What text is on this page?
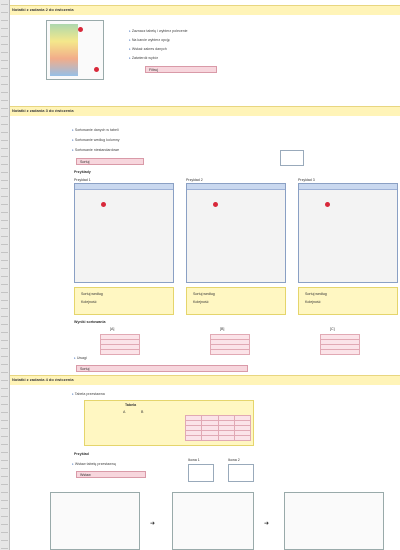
Notatki z zadania 2 do ćwiczenia
▸ Zaznacz tabelę i wybierz polecenie
▸ Na karcie wybierz opcję
▸ Wskaż zakres danych
▸ Zatwierdź wybór
Filtruj
Notatki z zadania 3 do ćwiczenia
▸ Sortowanie danych w tabeli
▸ Sortowanie według kolumny
▸ Sortowanie niestandardowe
Sortuj
Przykłady
Przykład 1	Przykład 2	Przykład 3
Sortuj według
Kolejność
Sortuj według
Kolejność
Sortuj według
Kolejność
Wyniki sortowania
[A]	[B]	[C]

▸ Uwagi
Sortuj
Notatki z zadania 4 do ćwiczenia
▸ Tabela przestawna
Tabela
A	B

Przykład
▸ Wstaw tabelę przestawną
Wstaw
Ikona 1	Ikona 2
➜	➜
